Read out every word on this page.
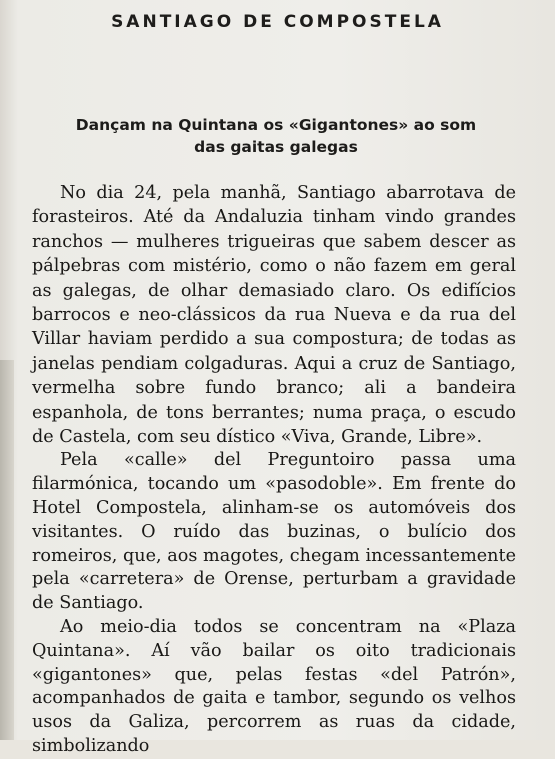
SANTIAGO DE COMPOSTELA
Dançam na Quintana os «Gigantones» ao som
das gaitas galegas

No dia 24, pela manhã, Santiago abarrotava de forasteiros. Até da Andaluzia tinham vindo grandes ranchos — mulheres trigueiras que sabem descer as pálpebras com mistério, como o não fazem em geral as galegas, de olhar demasiado claro. Os edifícios barrocos e neo-clássicos da rua Nueva e da rua del Villar haviam perdido a sua compostura; de todas as janelas pendiam colgaduras. Aqui a cruz de Santiago, vermelha sobre fundo branco; ali a bandeira espanhola, de tons berrantes; numa praça, o escudo de Castela, com seu dístico «Viva, Grande, Libre».

Pela «calle» del Preguntoiro passa uma filarmónica, tocando um «pasodoble». Em frente do Hotel Compostela, alinham-se os automóveis dos visitantes. O ruído das buzinas, o bulício dos romeiros, que, aos magotes, chegam incessantemente pela «carretera» de Orense, perturbam a gravidade de Santiago.

Ao meio-dia todos se concentram na «Plaza Quintana». Aí vão bailar os oito tradicionais «gigantones» que, pelas festas «del Patrón», acompanhados de gaita e tambor, segundo os velhos usos da Galiza, percorrem as ruas da cidade, simbolizando
